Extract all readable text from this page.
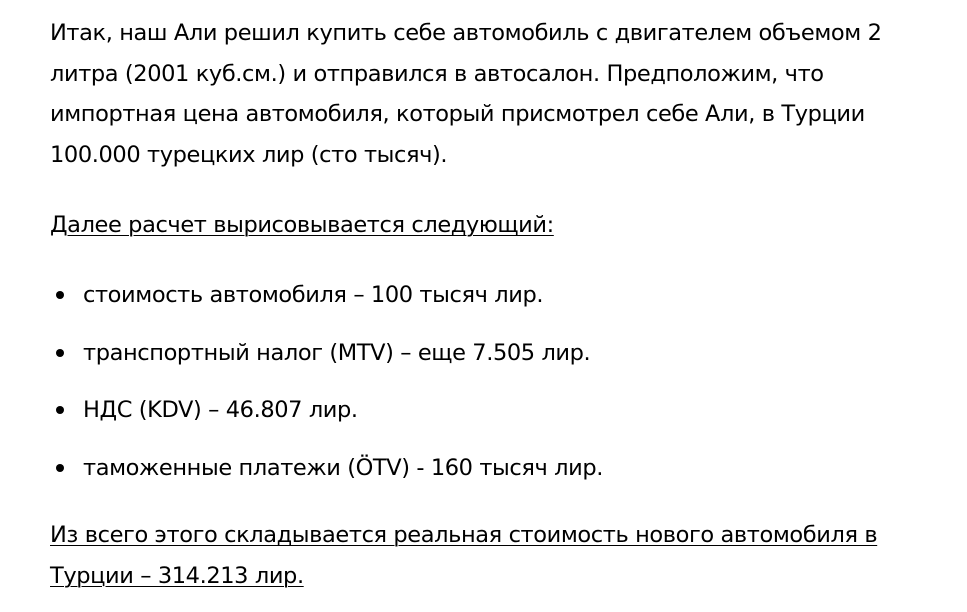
Итак, наш Али решил купить себе автомобиль с двигателем объемом 2 литра (2001 куб.см.) и отправился в автосалон. Предположим, что импортная цена автомобиля, который присмотрел себе Али, в Турции 100.000 турецких лир (сто тысяч).

Далее расчет вырисовывается следующий:

стоимость автомобиля – 100 тысяч лир.
транспортный налог (MTV) – еще 7.505 лир.
НДС (KDV) – 46.807 лир.
таможенные платежи (ÖTV) - 160 тысяч лир.

Из всего этого складывается реальная стоимость нового автомобиля в Турции – 314.213 лир.
